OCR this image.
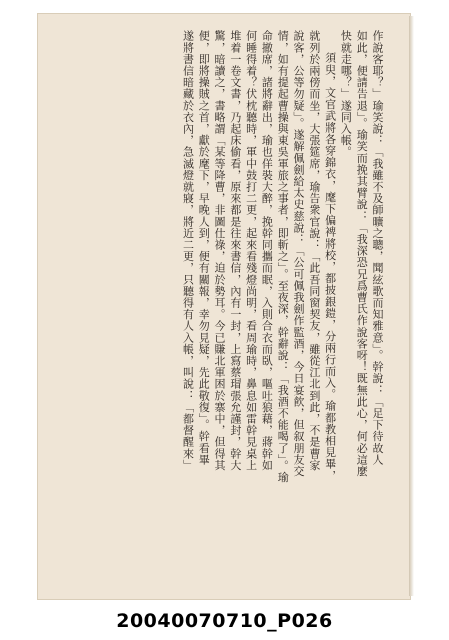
作說客耶？」瑜笑說：「我雖不及師曠之聰，聞絃歌而知雅意」。幹說：「足下待故人

如此，便請告退」。瑜笑而挽其臂說：「我深恐兄爲曹氏作說客呀！既無此心，何必這麼

快就走哪？」遂同入帳。

須臾，文官武將各穿錦衣，麾下偏裨將校，都披銀鎧，分兩行而入。瑜都教相見畢，

就列於兩傍而坐，大張筵席，瑜告衆官說：「此吾同窗契友，雖從江北到此，不是曹家

說客，公等勿疑」。遂解佩劍給太史慈說：「公可佩我劍作監酒，今日宴飮，但叙朋友交

情，如有提起曹操與東吳軍旅之事者，即斬之」。至夜深，幹辭說：「我酒不能喝了」。瑜

命撤席，諸將辭出，瑜也佯裝大醉，挽幹同攜而眠，入則合衣而臥，嘔吐狼藉，蔣幹如

何睡得着？伏枕聽時，軍中鼓打二更，起來看殘燈尚明，看周瑜時，鼻息如雷幹見桌上

堆着一卷文書，乃起床偷看，原來都是往來書信，內有一封，上寫蔡瑁張允謹封，幹大

驚，暗讀之，書略謂「某等降曹，非圖仕祿，迫於勢耳。今已賺北軍困於寨中，但得其

便，即將操賊之首，獻於麾下，早晚人到，便有關報，幸勿見疑，先此敬復」。幹看畢

遂將書信暗藏於衣內，急滅燈就寢，將近二更，只聽得有人入帳，叫說：「都督醒來」

20040070710_P026
